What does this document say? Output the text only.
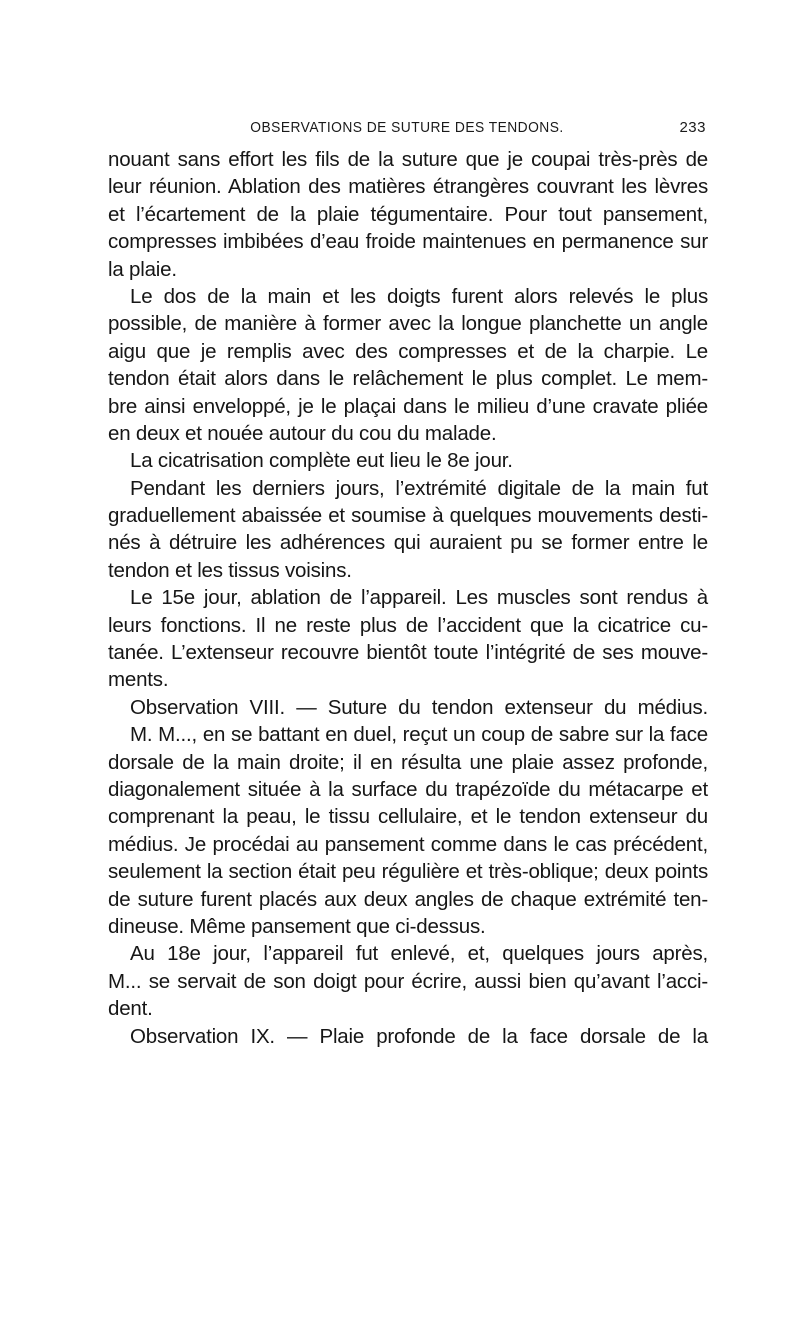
OBSERVATIONS DE SUTURE DES TENDONS.	233
nouant sans effort les fils de la suture que je coupai très-près de
leur réunion. Ablation des matières étrangères couvrant les lèvres
et l’écartement de la plaie tégumentaire. Pour tout pansement,
compresses imbibées d’eau froide maintenues en permanence sur
la plaie.
Le dos de la main et les doigts furent alors relevés le plus
possible, de manière à former avec la longue planchette un angle
aigu que je remplis avec des compresses et de la charpie. Le
tendon était alors dans le relâchement le plus complet. Le mem-
bre ainsi enveloppé, je le plaçai dans le milieu d’une cravate pliée
en deux et nouée autour du cou du malade.
La cicatrisation complète eut lieu le 8e jour.
Pendant les derniers jours, l’extrémité digitale de la main fut
graduellement abaissée et soumise à quelques mouvements desti-
nés à détruire les adhérences qui auraient pu se former entre le
tendon et les tissus voisins.
Le 15e jour, ablation de l’appareil. Les muscles sont rendus à
leurs fonctions. Il ne reste plus de l’accident que la cicatrice cu-
tanée. L’extenseur recouvre bientôt toute l’intégrité de ses mouve-
ments.
Observation VIII. — Suture du tendon extenseur du médius.
M. M..., en se battant en duel, reçut un coup de sabre sur la face
dorsale de la main droite; il en résulta une plaie assez profonde,
diagonalement située à la surface du trapézoïde du métacarpe et
comprenant la peau, le tissu cellulaire, et le tendon extenseur du
médius. Je procédai au pansement comme dans le cas précédent,
seulement la section était peu régulière et très-oblique; deux points
de suture furent placés aux deux angles de chaque extrémité ten-
dineuse. Même pansement que ci-dessus.
Au 18e jour, l’appareil fut enlevé, et, quelques jours après,
M... se servait de son doigt pour écrire, aussi bien qu’avant l’acci-
dent.
Observation IX. — Plaie profonde de la face dorsale de la
